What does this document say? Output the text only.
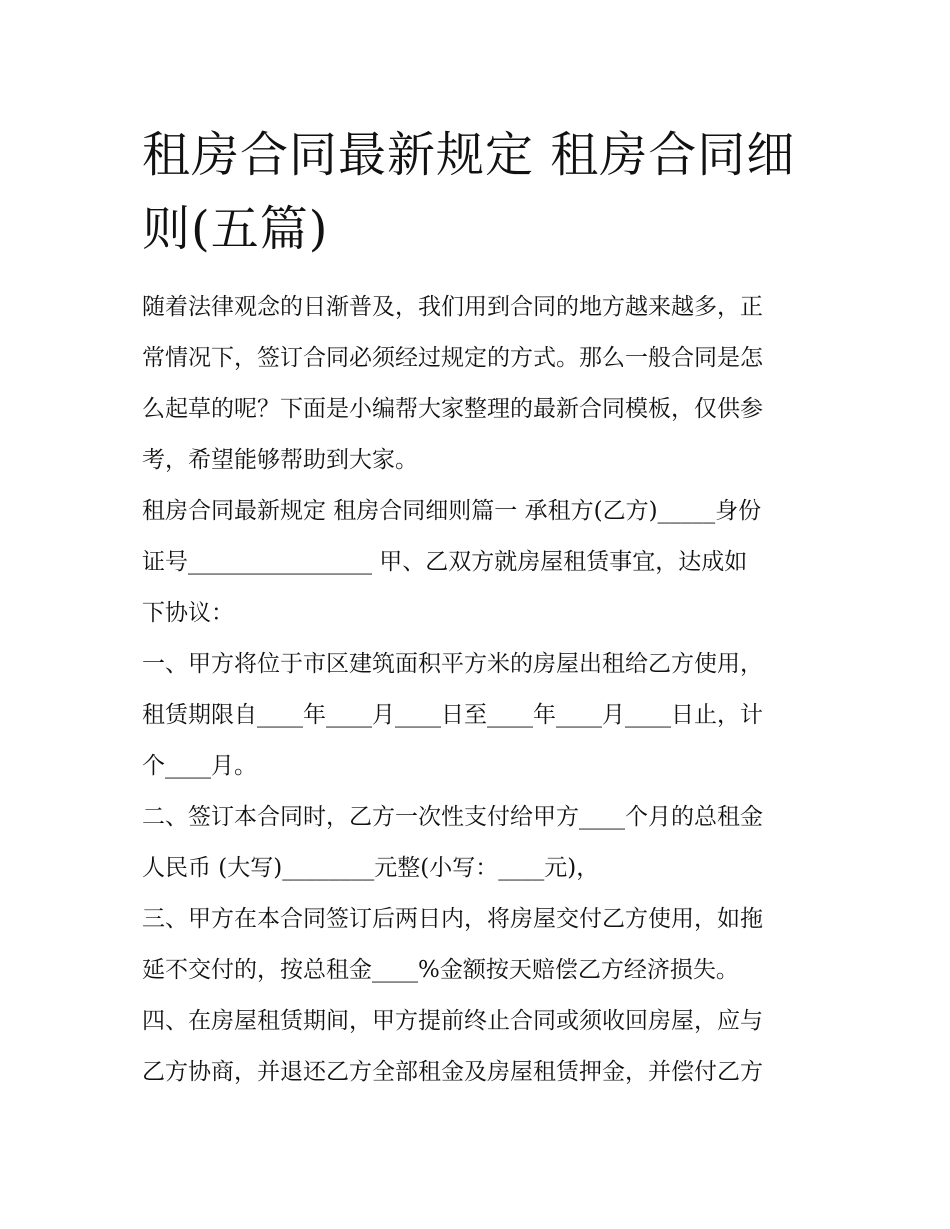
租房合同最新规定 租房合同细
则(五篇)

随着法律观念的日渐普及，我们用到合同的地方越来越多，正

常情况下，签订合同必须经过规定的方式。那么一般合同是怎

么起草的呢？下面是小编帮大家整理的最新合同模板，仅供参

考，希望能够帮助到大家。

租房合同最新规定 租房合同细则篇一 承租方(乙方)_____身份

证号________________ 甲、乙双方就房屋租赁事宜，达成如

下协议：

一、甲方将位于市区建筑面积平方米的房屋出租给乙方使用，

租赁期限自____年____月____日至____年____月____日止，计

个____月。

二、签订本合同时，乙方一次性支付给甲方____个月的总租金

人民币 (大写)________元整(小写：____元)，

三、甲方在本合同签订后两日内，将房屋交付乙方使用，如拖

延不交付的，按总租金____%金额按天赔偿乙方经济损失。

四、在房屋租赁期间，甲方提前终止合同或须收回房屋，应与

乙方协商，并退还乙方全部租金及房屋租赁押金，并偿付乙方
